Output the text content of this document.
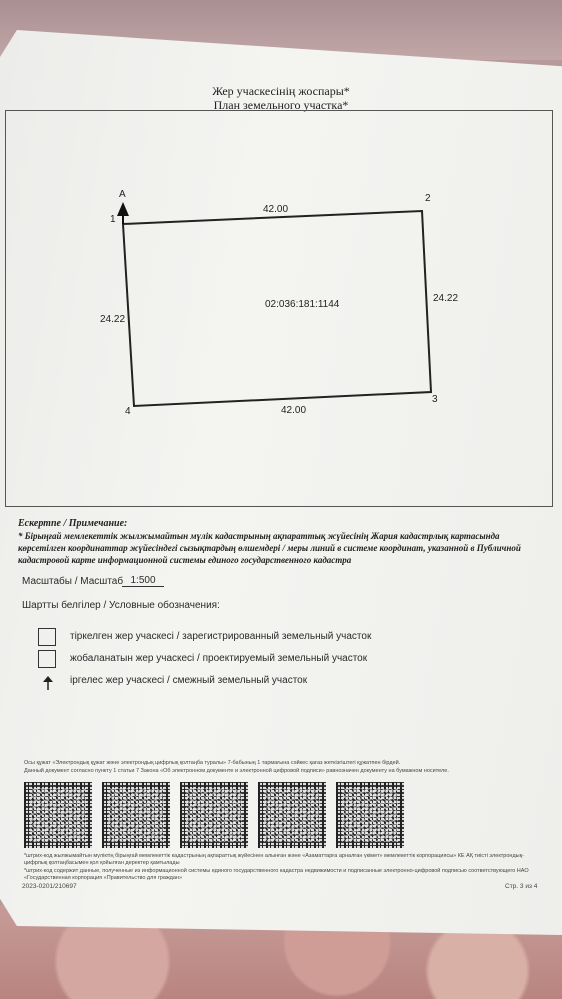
Жер учаскесінің жоспары*
План земельного участка*
A
1
2
3
4
42.00
24.22
42.00
24.22
02:036:181:1144
Ескертпе / Примечание:
* Бірыңғай мемлекеттік жылжымайтын мүлік кадастрының ақпараттық жүйесінің Жария кадастрлық картасында көрсетілген координаттар жүйесіндегі сызықтардың өлшемдері / меры линий в системе координат, указанной в Публичной кадастровой карте информационной системы единого государственного кадастра
Масштабы / Масштаб 1:500
Шартты белгілер / Условные обозначения:
тіркелген жер учаскесі / зарегистрированный земельный участок
жобаланатын жер учаскесі / проектируемый земельный участок
іргелес жер учаскесі / смежный земельный участок
Осы құжат «Электрондық құжат және электрондық цифрлық қолтаңба туралы» 7-бабының 1 тармағына сәйкес қағаз жеткізгіштегі құжатпен бірдей.
Данный документ согласно пункту 1 статьи 7 Закона «Об электронном документе и электронной цифровой подписи» равнозначен документу на бумажном носителе.
*штрих-код жылжымайтын мүліктің бірыңғай мемлекеттік кадастрының ақпараттық жүйесінен алынған және «Азаматтарға арналған үкімет» мемлекеттік корпорациясы» КЕ АҚ тиісті электрондық-цифрлық қолтаңбасымен қол қойылған деректер қамтылады
*штрих-код содержит данные, полученные из информационной системы единого государственного кадастра недвижимости и подписанные электронно-цифровой подписью соответствующего НАО «Государственная корпорация «Правительство для граждан»
2023-0201/210697	Стр. 3 из 4
